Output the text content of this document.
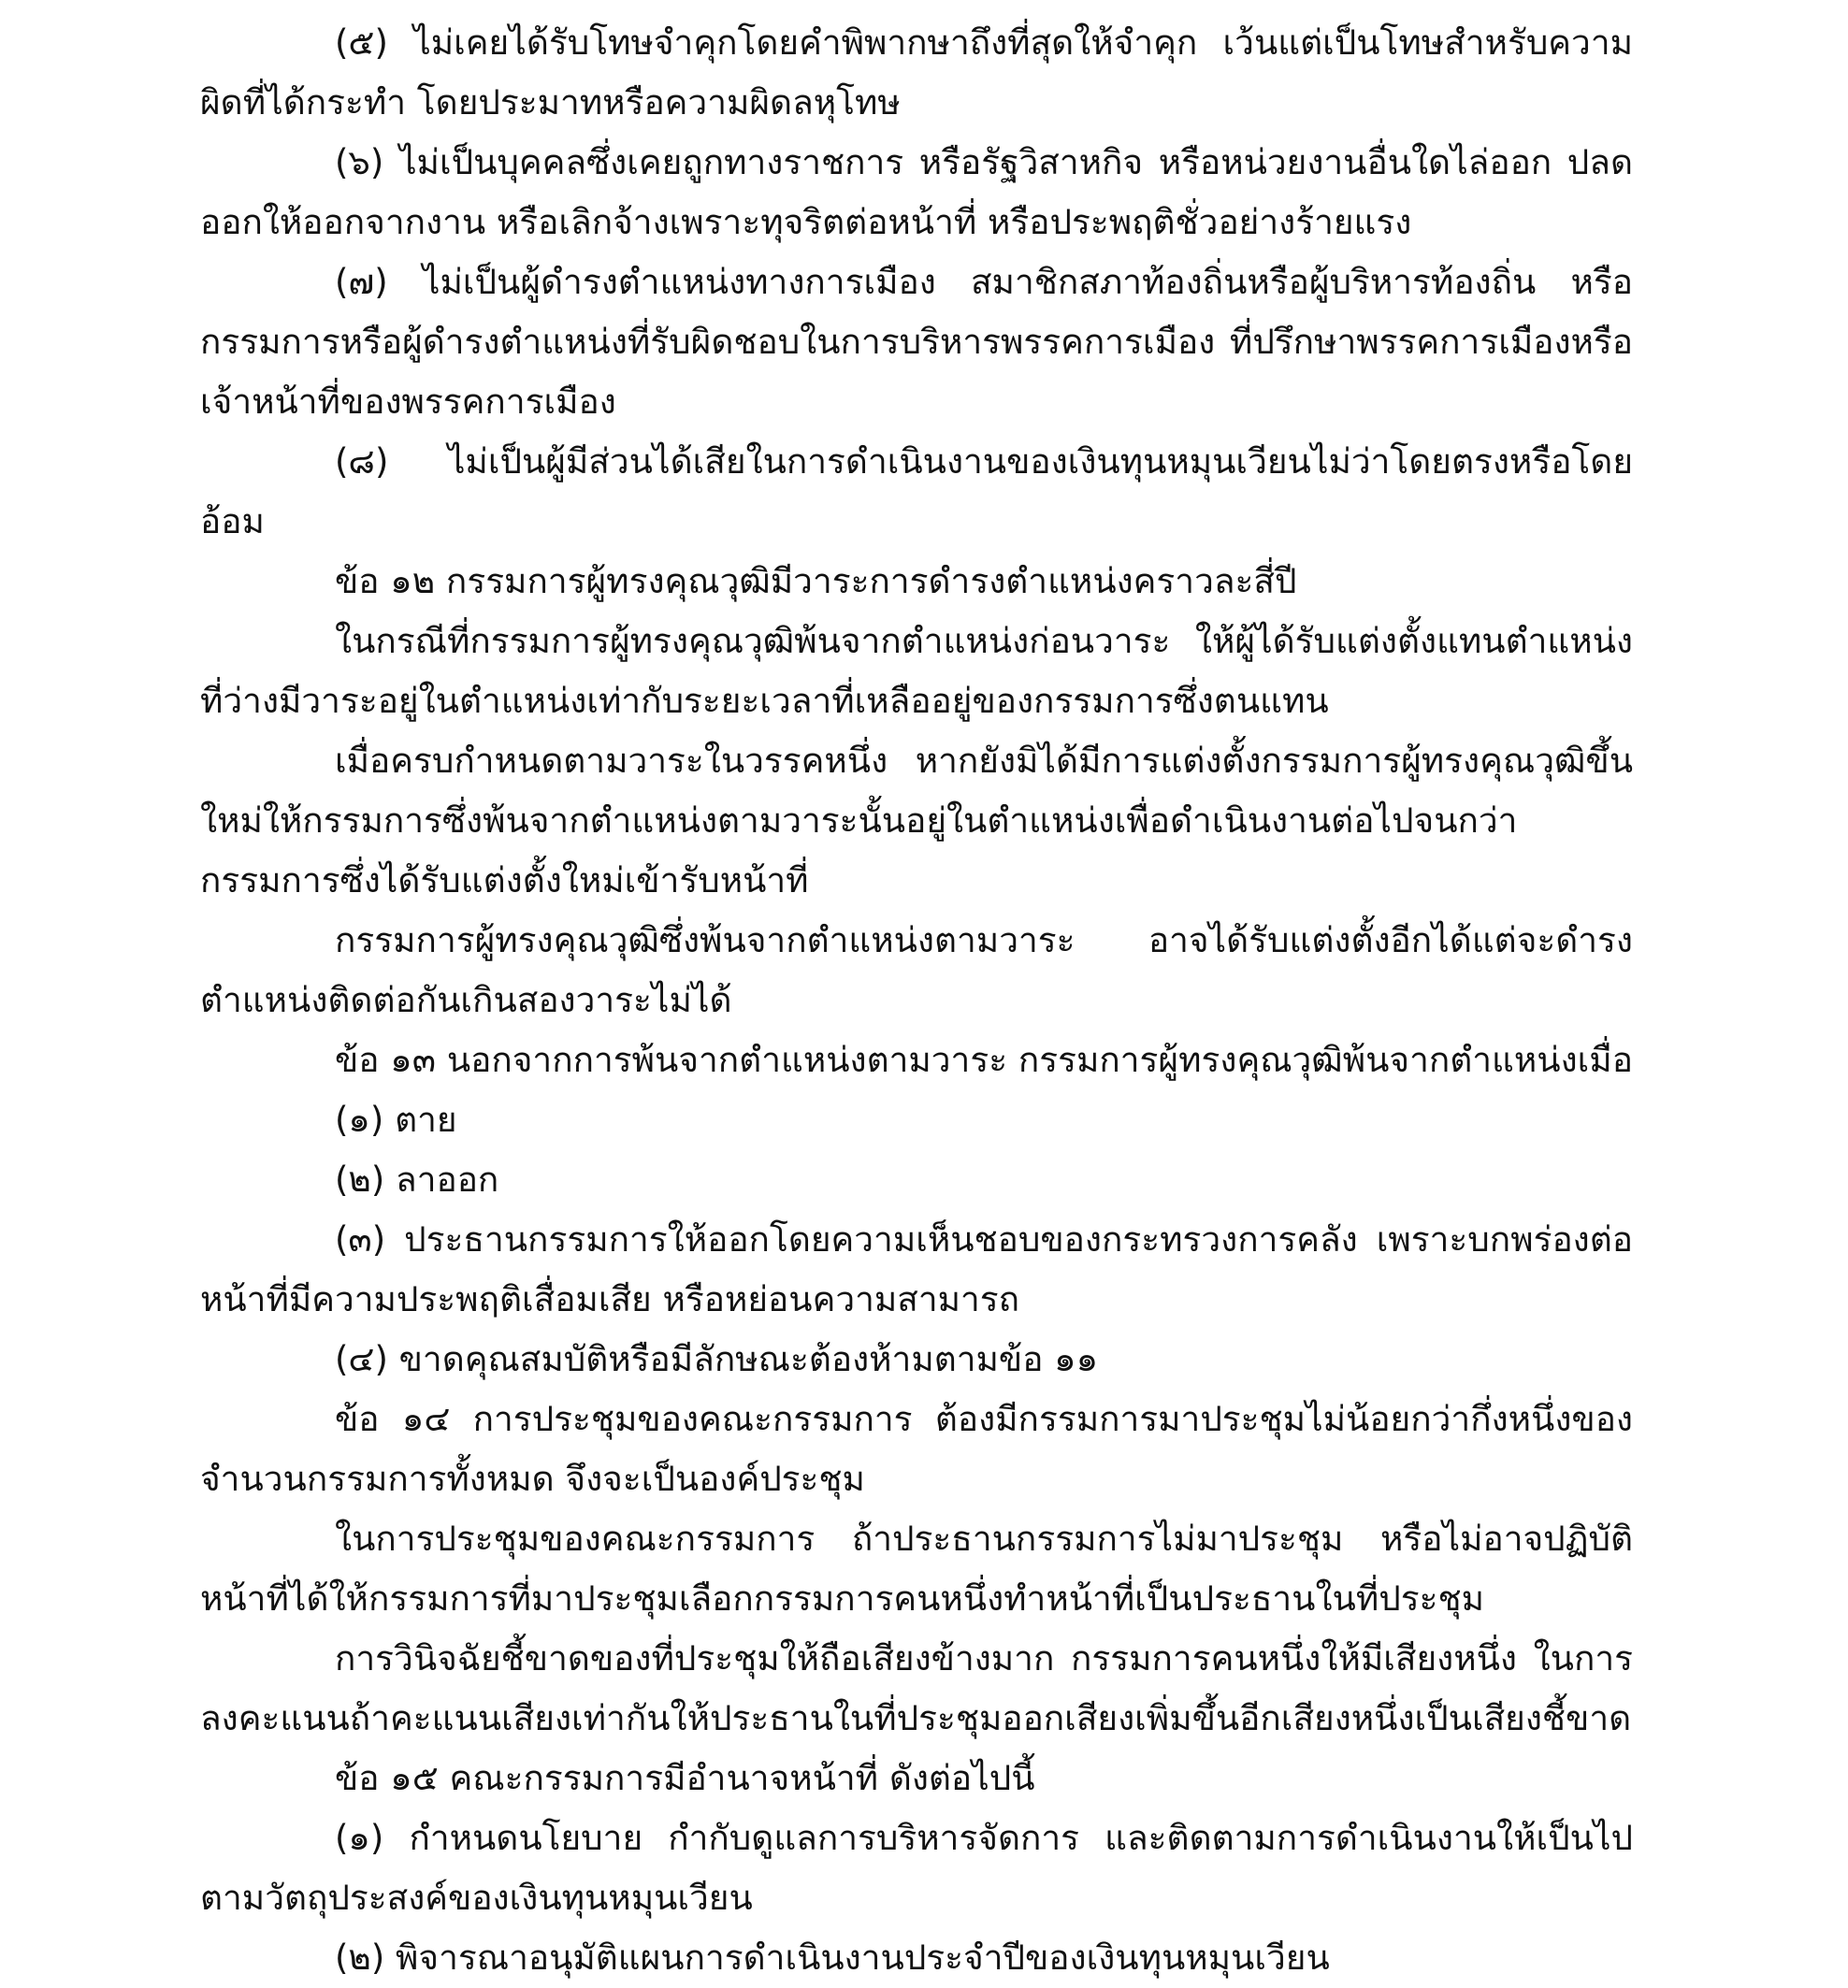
(๕) ไม่เคยได้รับโทษจำคุกโดยคำพิพากษาถึงที่สุดให้จำคุก เว้นแต่เป็นโทษสำหรับความผิดที่ได้กระทำ โดยประมาทหรือความผิดลหุโทษ

(๖) ไม่เป็นบุคคลซึ่งเคยถูกทางราชการ หรือรัฐวิสาหกิจ หรือหน่วยงานอื่นใดไล่ออก ปลดออกให้ออกจากงาน หรือเลิกจ้างเพราะทุจริตต่อหน้าที่ หรือประพฤติชั่วอย่างร้ายแรง

(๗) ไม่เป็นผู้ดำรงตำแหน่งทางการเมือง สมาชิกสภาท้องถิ่นหรือผู้บริหารท้องถิ่น หรือกรรมการหรือผู้ดำรงตำแหน่งที่รับผิดชอบในการบริหารพรรคการเมือง ที่ปรึกษาพรรคการเมืองหรือเจ้าหน้าที่ของพรรคการเมือง

(๘) ไม่เป็นผู้มีส่วนได้เสียในการดำเนินงานของเงินทุนหมุนเวียนไม่ว่าโดยตรงหรือโดยอ้อม

ข้อ ๑๒ กรรมการผู้ทรงคุณวุฒิมีวาระการดำรงตำแหน่งคราวละสี่ปี

ในกรณีที่กรรมการผู้ทรงคุณวุฒิพ้นจากตำแหน่งก่อนวาระ ให้ผู้ได้รับแต่งตั้งแทนตำแหน่งที่ว่างมีวาระอยู่ในตำแหน่งเท่ากับระยะเวลาที่เหลืออยู่ของกรรมการซึ่งตนแทน

เมื่อครบกำหนดตามวาระในวรรคหนึ่ง หากยังมิได้มีการแต่งตั้งกรรมการผู้ทรงคุณวุฒิขึ้นใหม่ให้กรรมการซึ่งพ้นจากตำแหน่งตามวาระนั้นอยู่ในตำแหน่งเพื่อดำเนินงานต่อไปจนกว่ากรรมการซึ่งได้รับแต่งตั้งใหม่เข้ารับหน้าที่

กรรมการผู้ทรงคุณวุฒิซึ่งพ้นจากตำแหน่งตามวาระ อาจได้รับแต่งตั้งอีกได้แต่จะดำรงตำแหน่งติดต่อกันเกินสองวาระไม่ได้

ข้อ ๑๓ นอกจากการพ้นจากตำแหน่งตามวาระ กรรมการผู้ทรงคุณวุฒิพ้นจากตำแหน่งเมื่อ

(๑) ตาย

(๒) ลาออก

(๓) ประธานกรรมการให้ออกโดยความเห็นชอบของกระทรวงการคลัง เพราะบกพร่องต่อหน้าที่มีความประพฤติเสื่อมเสีย หรือหย่อนความสามารถ

(๔) ขาดคุณสมบัติหรือมีลักษณะต้องห้ามตามข้อ ๑๑

ข้อ ๑๔ การประชุมของคณะกรรมการ ต้องมีกรรมการมาประชุมไม่น้อยกว่ากึ่งหนึ่งของจำนวนกรรมการทั้งหมด จึงจะเป็นองค์ประชุม

ในการประชุมของคณะกรรมการ ถ้าประธานกรรมการไม่มาประชุม หรือไม่อาจปฏิบัติหน้าที่ได้ให้กรรมการที่มาประชุมเลือกกรรมการคนหนึ่งทำหน้าที่เป็นประธานในที่ประชุม

การวินิจฉัยชี้ขาดของที่ประชุมให้ถือเสียงข้างมาก กรรมการคนหนึ่งให้มีเสียงหนึ่ง ในการลงคะแนนถ้าคะแนนเสียงเท่ากันให้ประธานในที่ประชุมออกเสียงเพิ่มขึ้นอีกเสียงหนึ่งเป็นเสียงชี้ขาด

ข้อ ๑๕ คณะกรรมการมีอำนาจหน้าที่ ดังต่อไปนี้

(๑) กำหนดนโยบาย กำกับดูแลการบริหารจัดการ และติดตามการดำเนินงานให้เป็นไปตามวัตถุประสงค์ของเงินทุนหมุนเวียน

(๒) พิจารณาอนุมัติแผนการดำเนินงานประจำปีของเงินทุนหมุนเวียน
